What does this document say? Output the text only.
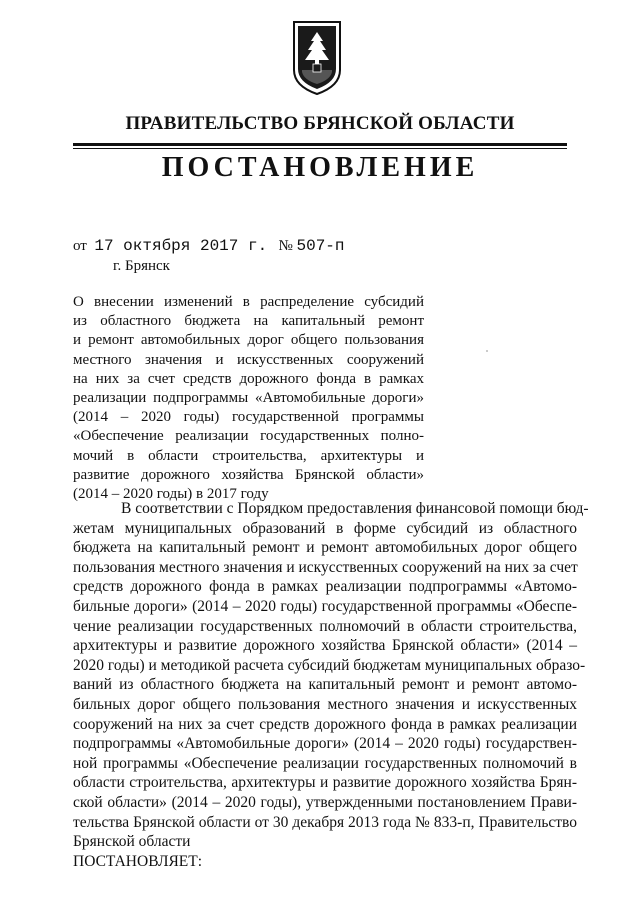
ПРАВИТЕЛЬСТВО БРЯНСКОЙ ОБЛАСТИ
ПОСТАНОВЛЕНИЕ
от 17 октября 2017 г. № 507-п
г. Брянск
О внесении изменений в распределение субсидий
из областного бюджета на капитальный ремонт
и ремонт автомобильных дорог общего пользования
местного значения и искусственных сооружений
на них за счет средств дорожного фонда в рамках
реализации подпрограммы «Автомобильные дороги»
(2014 – 2020 годы) государственной программы
«Обеспечение реализации государственных полно-
мочий в области строительства, архитектуры и
развитие дорожного хозяйства Брянской области»
(2014 – 2020 годы) в 2017 году
В соответствии с Порядком предоставления финансовой помощи бюд-
жетам муниципальных образований в форме субсидий из областного
бюджета на капитальный ремонт и ремонт автомобильных дорог общего
пользования местного значения и искусственных сооружений на них за счет
средств дорожного фонда в рамках реализации подпрограммы «Автомо-
бильные дороги» (2014 – 2020 годы) государственной программы «Обеспе-
чение реализации государственных полномочий в области строительства,
архитектуры и развитие дорожного хозяйства Брянской области» (2014 –
2020 годы) и методикой расчета субсидий бюджетам муниципальных образо-
ваний из областного бюджета на капитальный ремонт и ремонт автомо-
бильных дорог общего пользования местного значения и искусственных
сооружений на них за счет средств дорожного фонда в рамках реализации
подпрограммы «Автомобильные дороги» (2014 – 2020 годы) государствен-
ной программы «Обеспечение реализации государственных полномочий в
области строительства, архитектуры и развитие дорожного хозяйства Брян-
ской области» (2014 – 2020 годы), утвержденными постановлением Прави-
тельства Брянской области от 30 декабря 2013 года № 833-п, Правительство
Брянской области
ПОСТАНОВЛЯЕТ:
